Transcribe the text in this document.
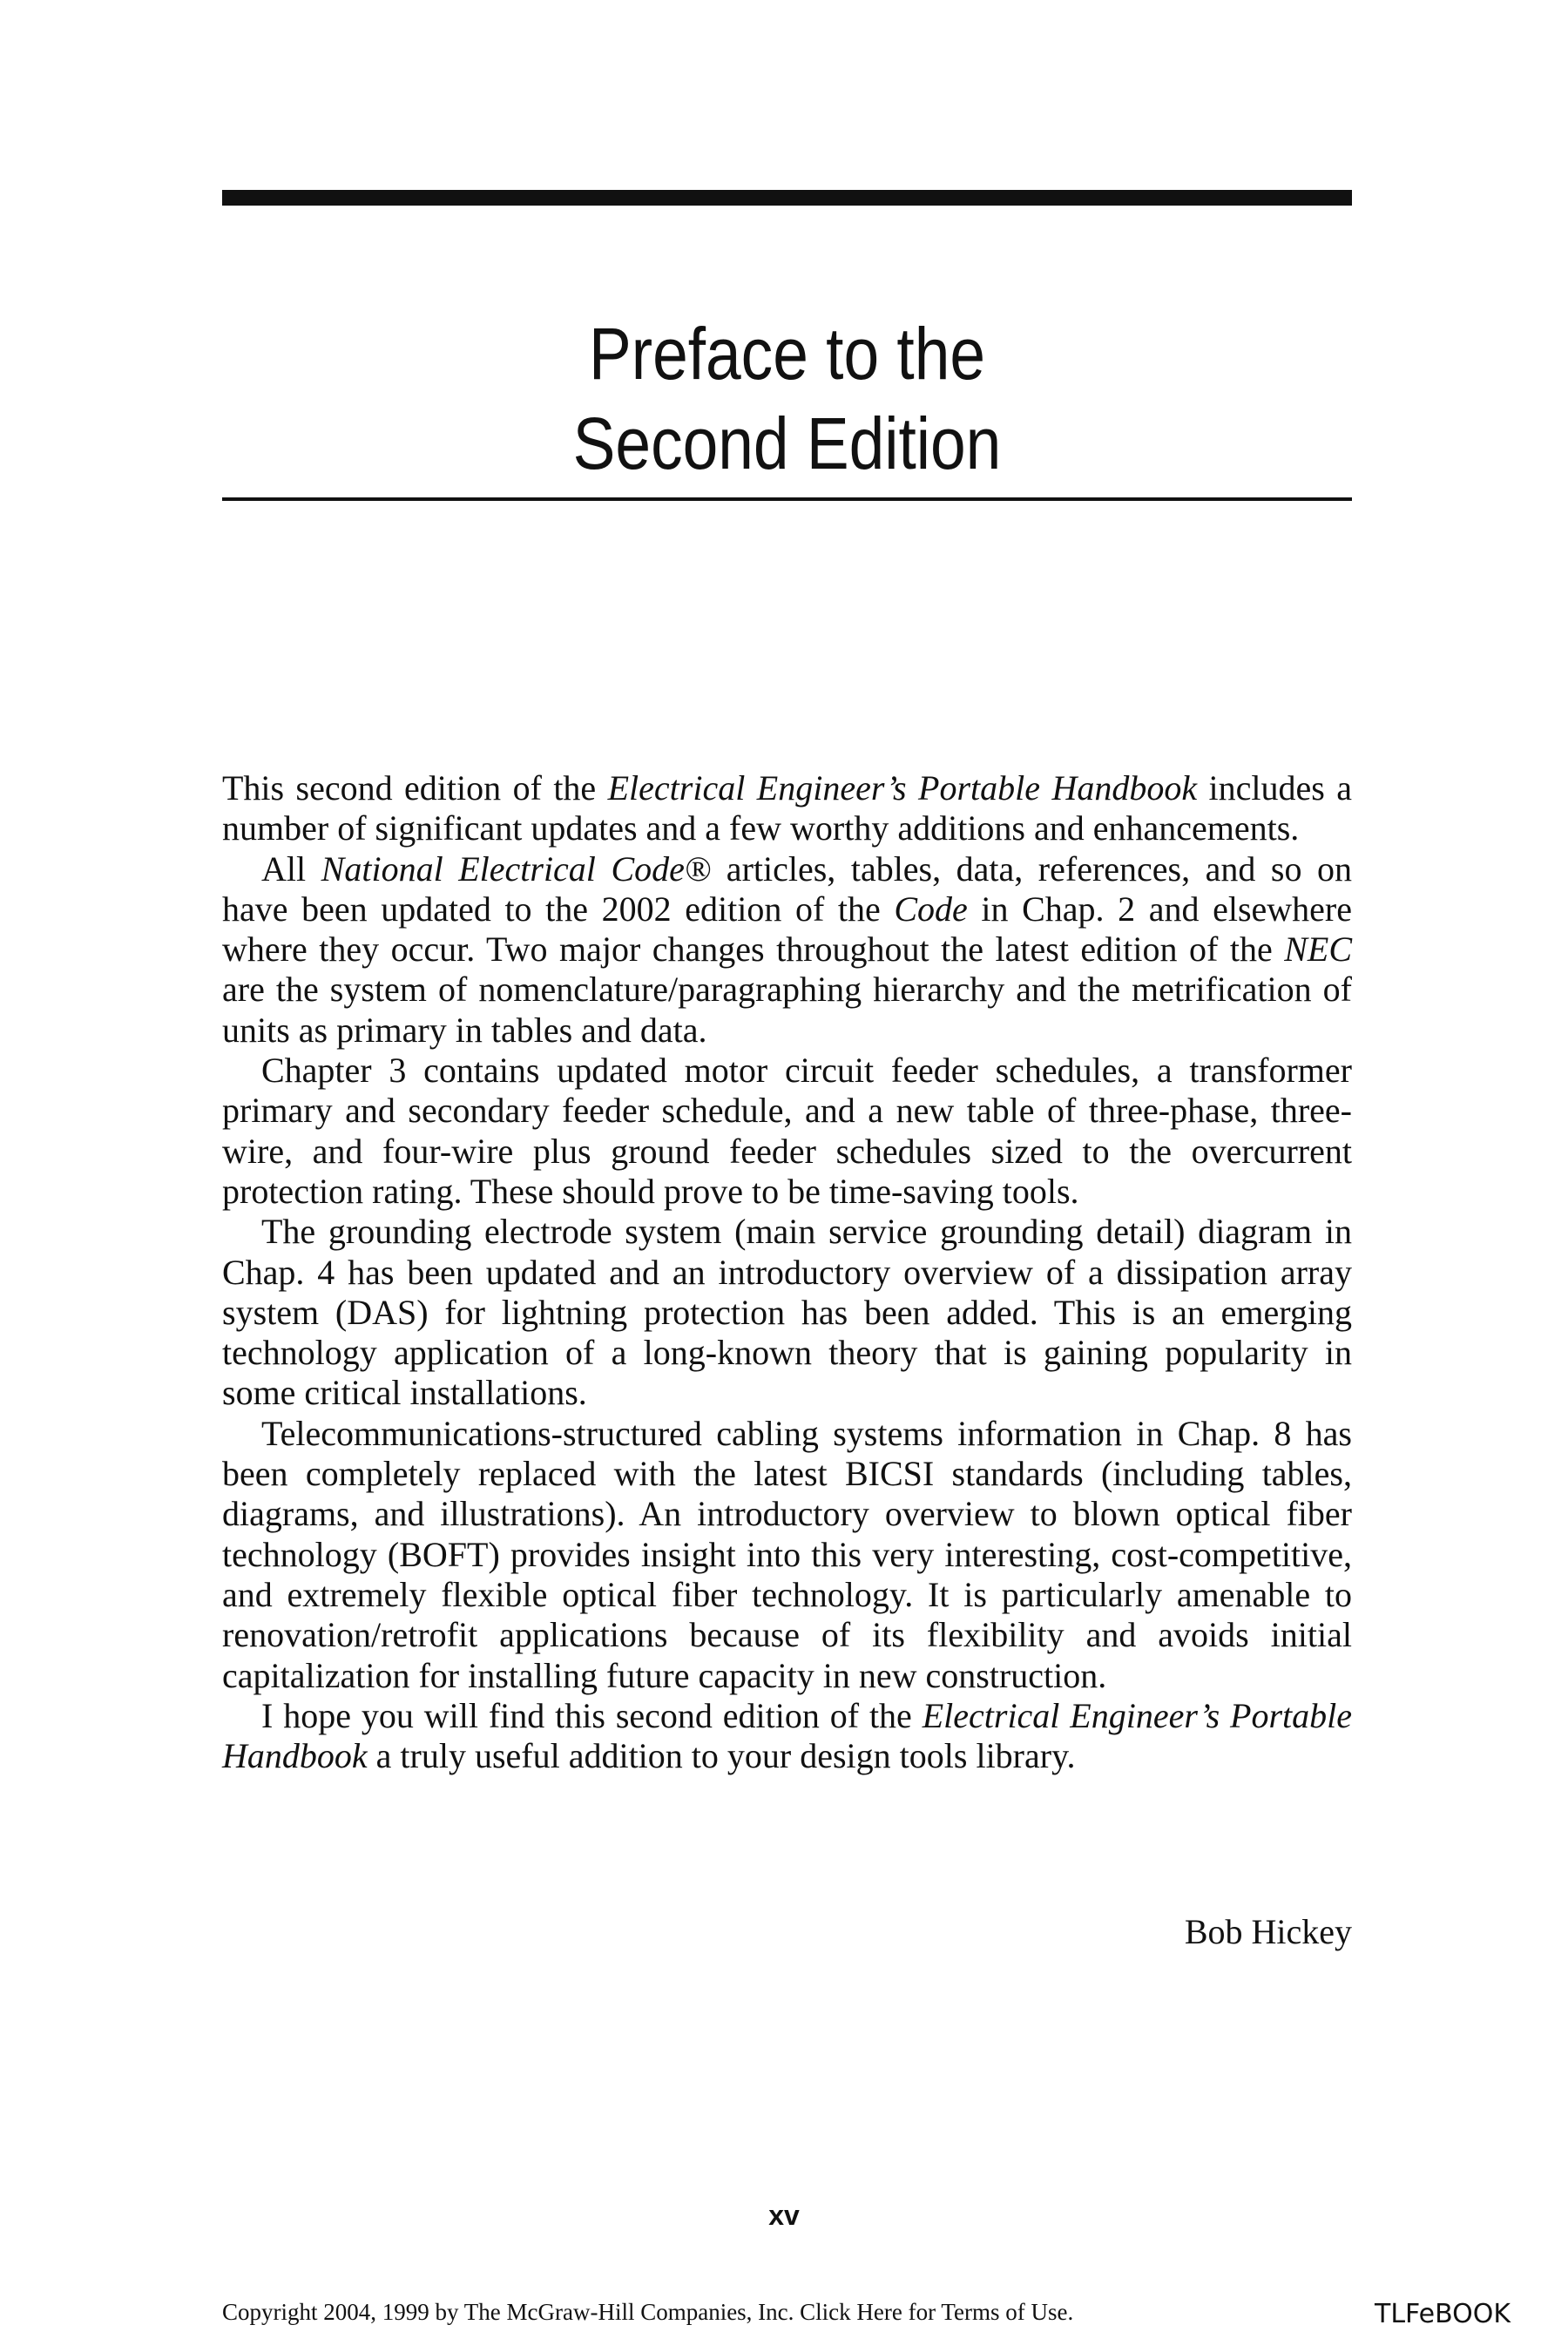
Preface to the
Second Edition

This second edition of the Electrical Engineer’s Portable Handbook includes a number of significant updates and a few worthy additions and enhancements.

All National Electrical Code® articles, tables, data, references, and so on have been updated to the 2002 edition of the Code in Chap. 2 and elsewhere where they occur. Two major changes throughout the latest edition of the NEC are the system of nomenclature/paragraphing hierarchy and the metrification of units as primary in tables and data.

Chapter 3 contains updated motor circuit feeder schedules, a transformer primary and secondary feeder schedule, and a new table of three-phase, three-wire, and four-wire plus ground feeder schedules sized to the overcurrent protection rating. These should prove to be time-saving tools.

The grounding electrode system (main service grounding detail) diagram in Chap. 4 has been updated and an introductory overview of a dissipation array system (DAS) for lightning protection has been added. This is an emerging technology application of a long-known theory that is gaining popularity in some critical installations.

Telecommunications-structured cabling systems information in Chap. 8 has been completely replaced with the latest BICSI standards (including tables, diagrams, and illustrations). An introductory overview to blown optical fiber technology (BOFT) provides insight into this very interesting, cost-competitive, and extremely flexible optical fiber technology. It is particularly amenable to renovation/retrofit applications because of its flexibility and avoids initial capitalization for installing future capacity in new construction.

I hope you will find this second edition of the Electrical Engineer’s Portable Handbook a truly useful addition to your design tools library.

Bob Hickey
xv
Copyright 2004, 1999 by The McGraw-Hill Companies, Inc. Click Here for Terms of Use.	TLFeBOOK
